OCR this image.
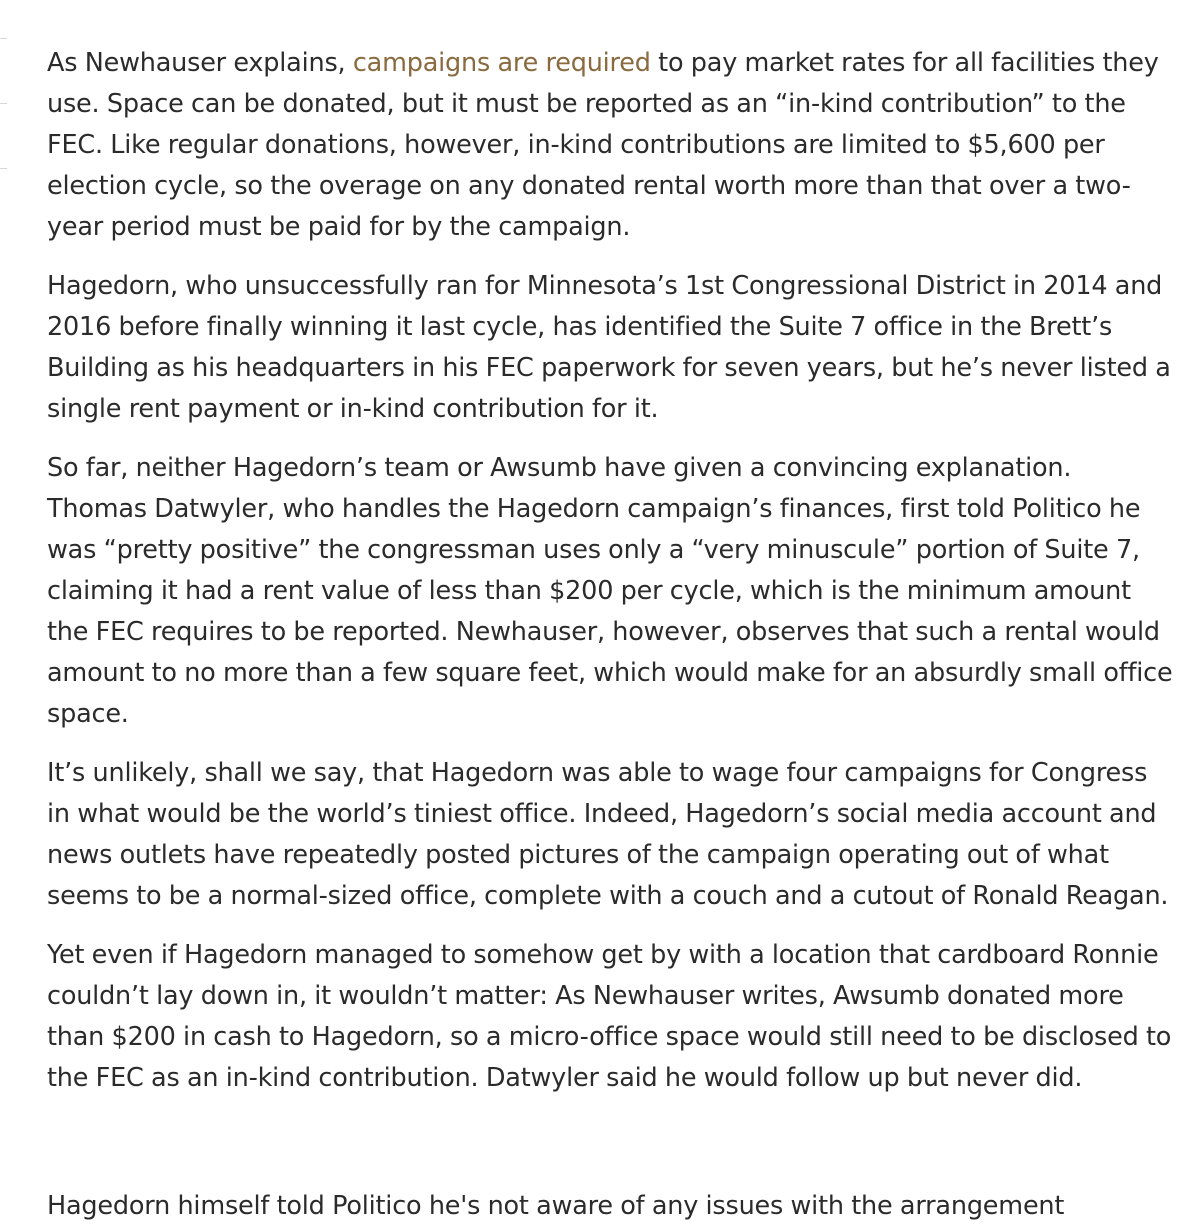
As Newhauser explains, campaigns are required to pay market rates for all facilities they use. Space can be donated, but it must be reported as an “in-kind contribution” to the FEC. Like regular donations, however, in-kind contributions are limited to $5,600 per election cycle, so the overage on any donated rental worth more than that over a two-year period must be paid for by the campaign.

Hagedorn, who unsuccessfully ran for Minnesota’s 1st Congressional District in 2014 and 2016 before finally winning it last cycle, has identified the Suite 7 office in the Brett’s Building as his headquarters in his FEC paperwork for seven years, but he’s never listed a single rent payment or in-kind contribution for it.

So far, neither Hagedorn’s team or Awsumb have given a convincing explanation. Thomas Datwyler, who handles the Hagedorn campaign’s finances, first told Politico he was “pretty positive” the congressman uses only a “very minuscule” portion of Suite 7, claiming it had a rent value of less than $200 per cycle, which is the minimum amount the FEC requires to be reported. Newhauser, however, observes that such a rental would amount to no more than a few square feet, which would make for an absurdly small office space.

It’s unlikely, shall we say, that Hagedorn was able to wage four campaigns for Congress in what would be the world’s tiniest office. Indeed, Hagedorn’s social media account and news outlets have repeatedly posted pictures of the campaign operating out of what seems to be a normal-sized office, complete with a couch and a cutout of Ronald Reagan.

Yet even if Hagedorn managed to somehow get by with a location that cardboard Ronnie couldn’t lay down in, it wouldn’t matter: As Newhauser writes, Awsumb donated more than $200 in cash to Hagedorn, so a micro-office space would still need to be disclosed to the FEC as an in-kind contribution. Datwyler said he would follow up but never did.

Hagedorn himself told Politico he's not aware of any issues with the arrangement
